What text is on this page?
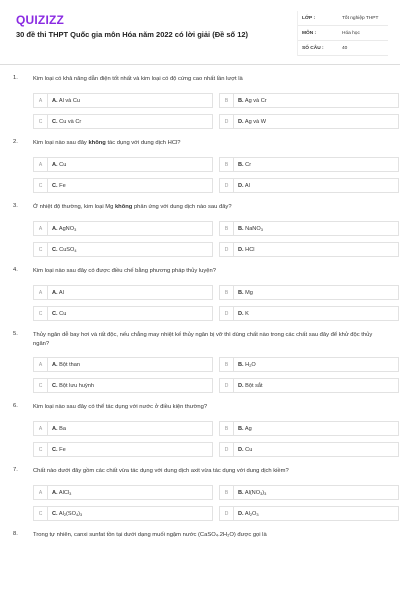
QUIZIZZ
30 đề thi THPT Quốc gia môn Hóa năm 2022 có lời giải (Đề số 12)
LỚP :	Tốt nghiệp THPT
MÔN :	Hóa học
SỐ CÂU :	40
1.	Kim loại có khả năng dẫn điện tốt nhất và kim loại có độ cứng cao nhất lần lượt là
A	A. Al và Cu	B	B. Ag và Cr
C	C. Cu và Cr	D	D. Ag và W
2.	Kim loại nào sau đây không tác dụng với dung dịch HCl?
A	A. Cu	B	B. Cr
C	C. Fe	D	D. Al
3.	Ở nhiệt độ thường, kim loại Mg không phản ứng với dung dịch nào sau đây?
A	A. AgNO$_3$	B	B. NaNO$_3$
C	C. CuSO$_4$	D	D. HCl
4.	Kim loại nào sau đây có được điều chế bằng phương pháp thủy luyện?
A	A. Al	B	B. Mg
C	C. Cu	D	D. K
5.	Thủy ngân dễ bay hơi và rất độc, nếu chẳng may nhiệt kế thủy ngân bị vỡ thì dùng chất nào trong các chất sau đây để khử độc thủy ngân?
A	A. Bột than	B	B. $H_2O$
C	C. Bột lưu huỳnh	D	D. Bột sắt
6.	Kim loại nào sau đây có thể tác dụng với nước ở điều kiện thường?
A	A. Ba	B	B. Ag
C	C. Fe	D	D. Cu
7.	Chất nào dưới đây gồm các chất vừa tác dụng với dung dịch axit vừa tác dụng với dung dịch kiềm?
A	A. AlCl$_3$	B	B. $Al(NO_3)_3$
C	C. $Al_2(SO_4)_3$	D	D. $Al_2O_3$
8.	Trong tự nhiên, canxi sunfat tồn tại dưới dạng muối ngậm nước (CaSO₄.2H₂O) được gọi là
